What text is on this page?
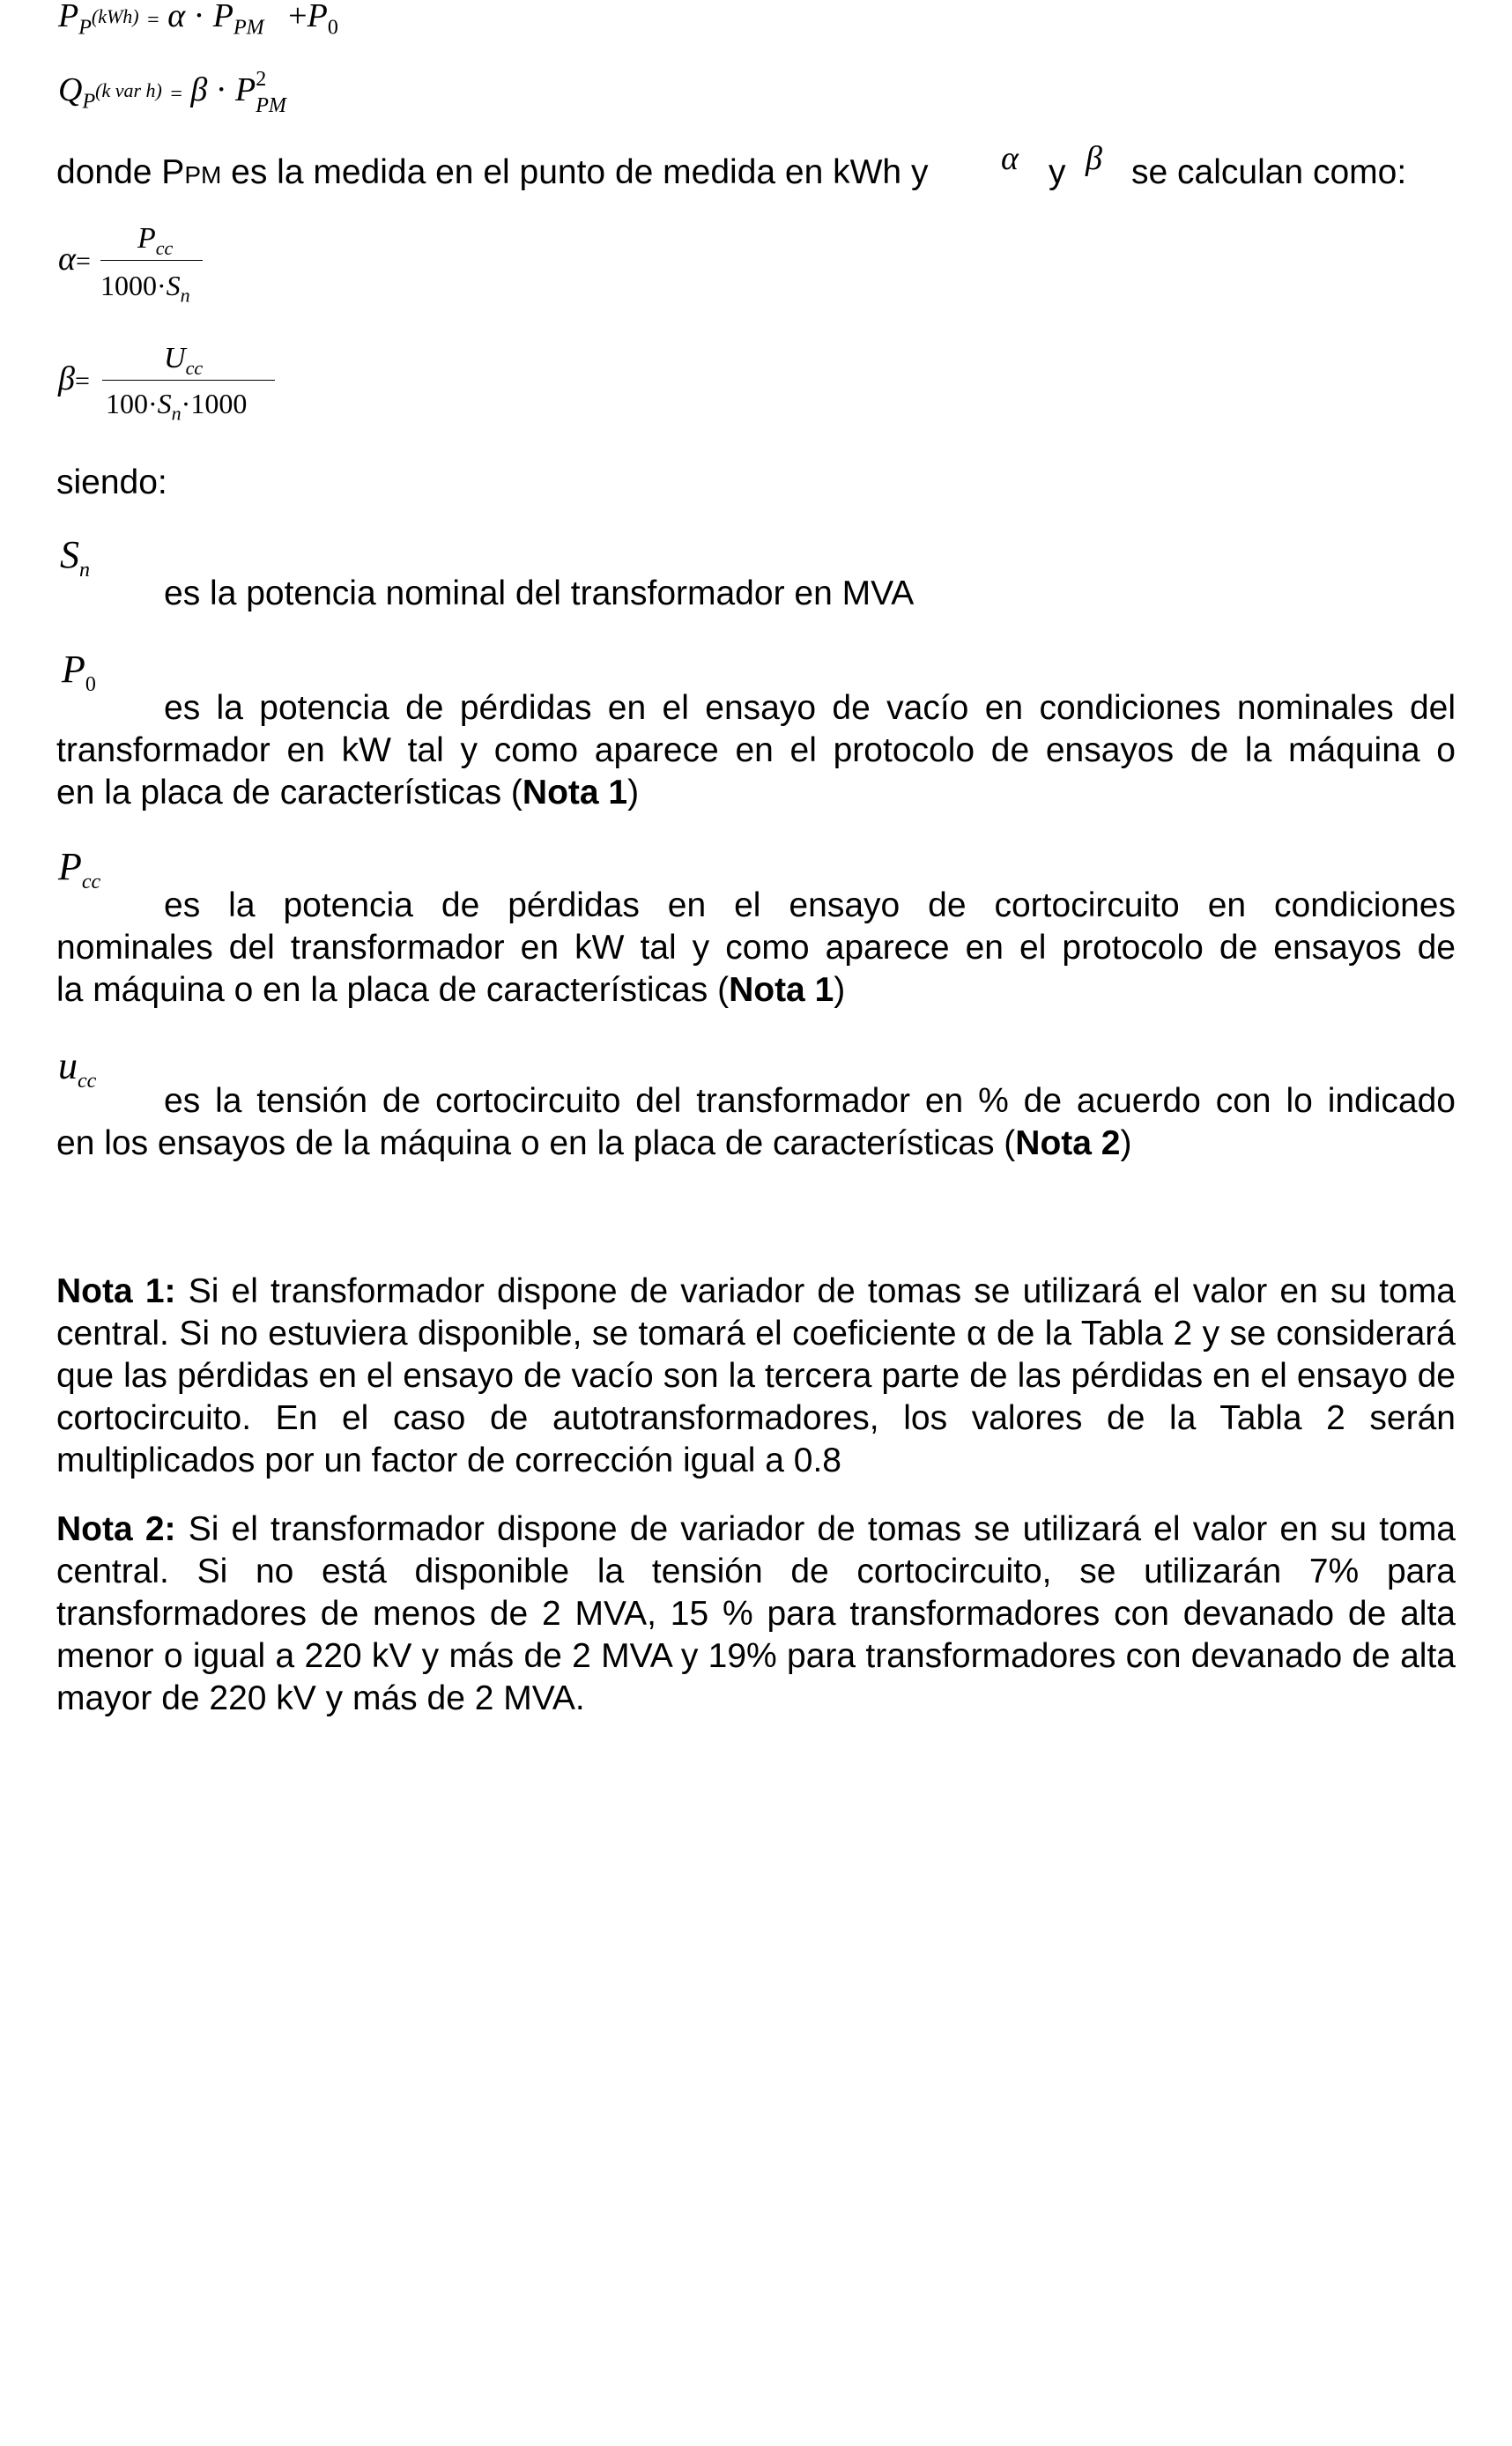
$P_P(kWh) = \alpha \cdot P_{PM} +P_0$
$Q_P(k$ var h) = β · P 2
PM
donde PPM es la medida en el punto de medida en kWh y α y β se calculan como:
α=
$P_{cc}$
$1000\cdot S_n$
β=
$U_{cc}$
$100\cdot S_n\cdot 1000$
siendo:
$S_n$
es la potencia nominal del transformador en MVA
$P_0$
es la potencia de pérdidas en el ensayo de vacío en condiciones nominales del
transformador en kW tal y como aparece en el protocolo de ensayos de la máquina o
en la placa de características (Nota 1)
$P_{cc}$
es la potencia de pérdidas en el ensayo de cortocircuito en condiciones
nominales del transformador en kW tal y como aparece en el protocolo de ensayos de
la máquina o en la placa de características (Nota 1)
$u_{cc}$
es la tensión de cortocircuito del transformador en % de acuerdo con lo indicado
en los ensayos de la máquina o en la placa de características (Nota 2)
Nota 1: Si el transformador dispone de variador de tomas se utilizará el valor en su toma central. Si no estuviera disponible, se tomará el coeficiente α de la Tabla 2 y se considerará que las pérdidas en el ensayo de vacío son la tercera parte de las pérdidas en el ensayo de cortocircuito. En el caso de autotransformadores, los valores de la Tabla 2 serán multiplicados por un factor de corrección igual a 0.8
Nota 2: Si el transformador dispone de variador de tomas se utilizará el valor en su toma central. Si no está disponible la tensión de cortocircuito, se utilizarán 7% para transformadores de menos de 2 MVA, 15 % para transformadores con devanado de alta menor o igual a 220 kV y más de 2 MVA y 19% para transformadores con devanado de alta mayor de 220 kV y más de 2 MVA.
